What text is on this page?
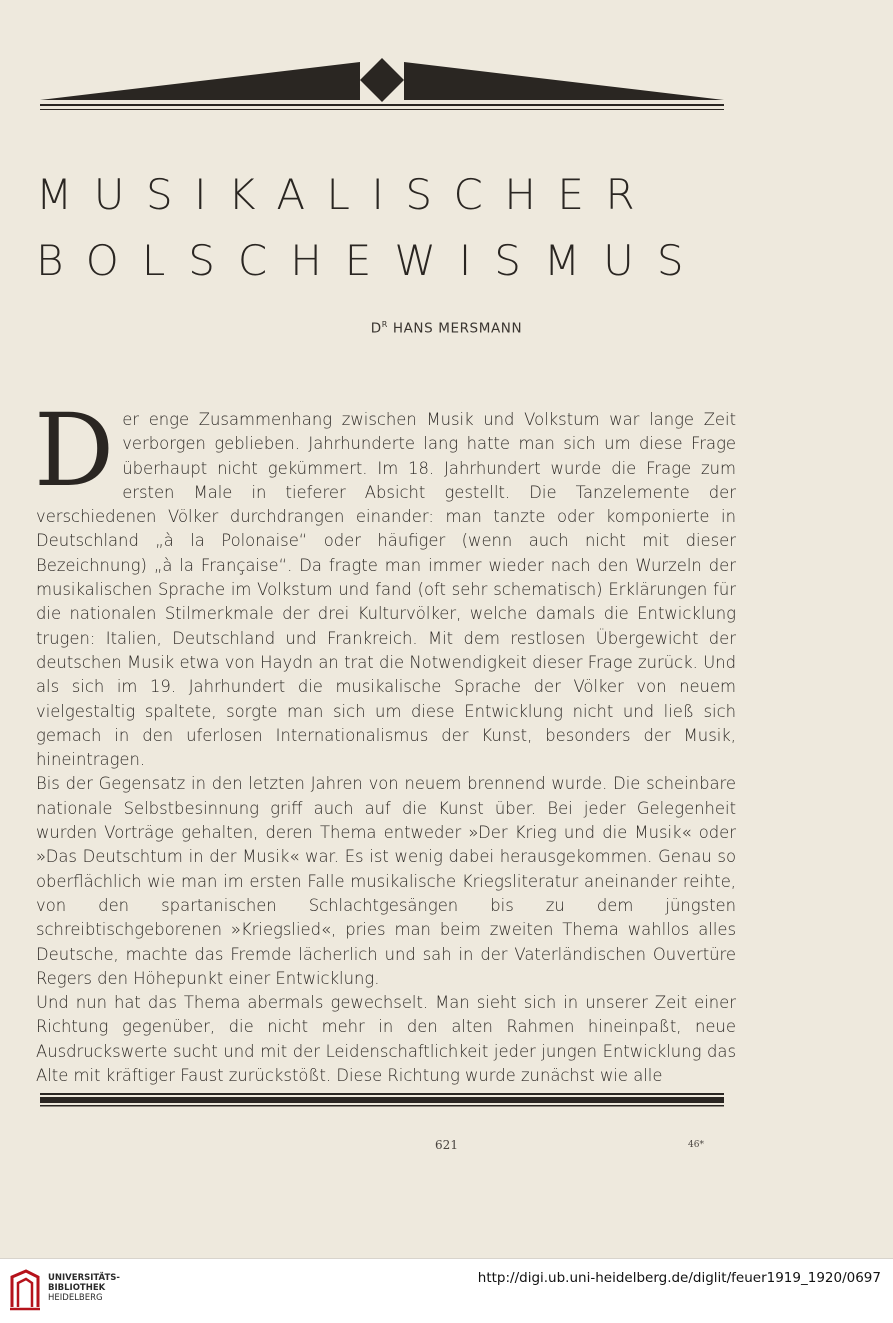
MUSIKALISCHER
BOLSCHEWISMUS
$D^R$ HANS MERSMANN

Der enge Zusammenhang zwischen Musik und Volkstum war lange Zeit verborgen geblieben. Jahrhunderte lang hatte man sich um diese Frage überhaupt nicht gekümmert. Im 18. Jahrhundert wurde die Frage zum ersten Male in tieferer Absicht gestellt. Die Tanzelemente der verschiedenen Völker durchdrangen einander: man tanzte oder komponierte in Deutschland „à la Polonaise“ oder häufiger (wenn auch nicht mit dieser Bezeichnung) „à la Française“. Da fragte man immer wieder nach den Wurzeln der musikalischen Sprache im Volkstum und fand (oft sehr schematisch) Erklärungen für die nationalen Stilmerkmale der drei Kulturvölker, welche damals die Entwicklung trugen: Italien, Deutschland und Frankreich. Mit dem restlosen Übergewicht der deutschen Musik etwa von Haydn an trat die Notwendigkeit dieser Frage zurück. Und als sich im 19. Jahrhundert die musikalische Sprache der Völker von neuem vielgestaltig spaltete, sorgte man sich um diese Entwicklung nicht und ließ sich gemach in den uferlosen Internationalismus der Kunst, besonders der Musik, hineintragen.

Bis der Gegensatz in den letzten Jahren von neuem brennend wurde. Die scheinbare nationale Selbstbesinnung griff auch auf die Kunst über. Bei jeder Gelegenheit wurden Vorträge gehalten, deren Thema entweder »Der Krieg und die Musik« oder »Das Deutschtum in der Musik« war. Es ist wenig dabei herausgekommen. Genau so oberflächlich wie man im ersten Falle musikalische Kriegsliteratur aneinander reihte, von den spartanischen Schlachtgesängen bis zu dem jüngsten schreibtischgeborenen »Kriegslied«, pries man beim zweiten Thema wahllos alles Deutsche, machte das Fremde lächerlich und sah in der Vaterländischen Ouvertüre Regers den Höhepunkt einer Entwicklung.

Und nun hat das Thema abermals gewechselt. Man sieht sich in unserer Zeit einer Richtung gegenüber, die nicht mehr in den alten Rahmen hineinpaßt, neue Ausdruckswerte sucht und mit der Leidenschaftlichkeit jeder jungen Entwicklung das Alte mit kräftiger Faust zurückstößt. Diese Richtung wurde zunächst wie alle

621	46*
UNIVERSITÄTS-
BIBLIOTHEK
HEIDELBERG
http://digi.ub.uni-heidelberg.de/diglit/feuer1919_1920/0697
